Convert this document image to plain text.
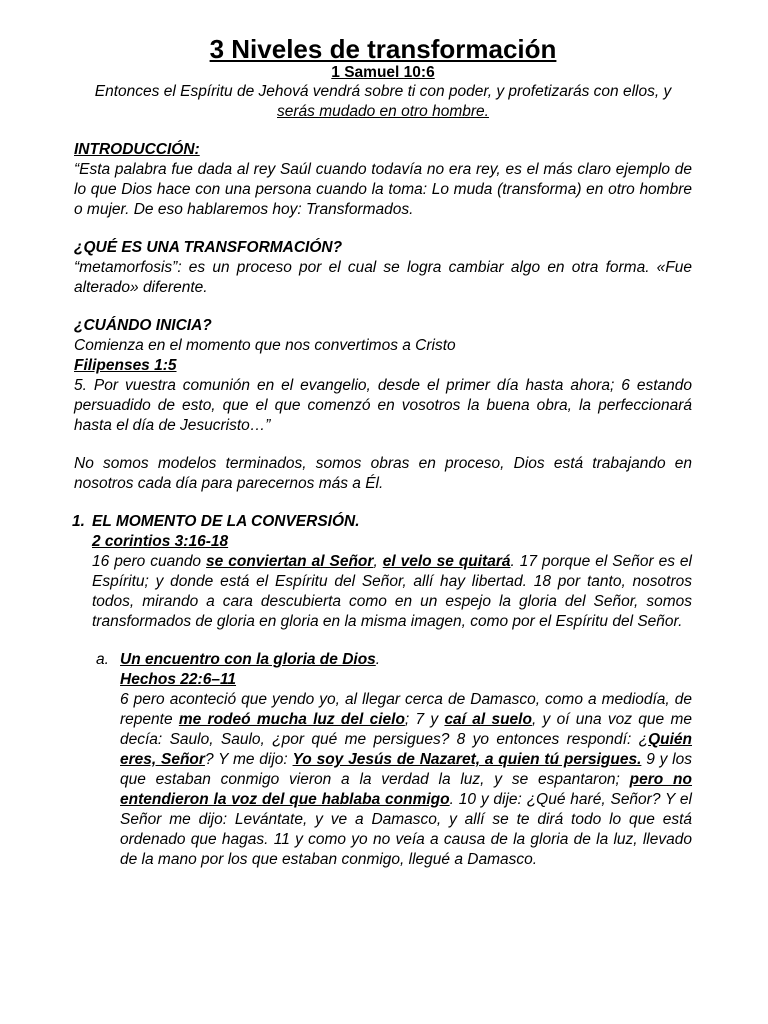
3 Niveles de transformación

1 Samuel 10:6

Entonces el Espíritu de Jehová vendrá sobre ti con poder, y profetizarás con ellos, y serás mudado en otro hombre.

INTRODUCCIÓN:

“Esta palabra fue dada al rey Saúl cuando todavía no era rey, es el más claro ejemplo de lo que Dios hace con una persona cuando la toma: Lo muda (transforma) en otro hombre o mujer. De eso hablaremos hoy: Transformados.

¿QUÉ ES UNA TRANSFORMACIÓN?

“metamorfosis”: es un proceso por el cual se logra cambiar algo en otra forma. «Fue alterado» diferente.

¿CUÁNDO INICIA?

Comienza en el momento que nos convertimos a Cristo

Filipenses 1:5

5. Por vuestra comunión en el evangelio, desde el primer día hasta ahora; 6 estando persuadido de esto, que el que comenzó en vosotros la buena obra, la perfeccionará hasta el día de Jesucristo…”

No somos modelos terminados, somos obras en proceso, Dios está trabajando en nosotros cada día para parecernos más a Él.

1. EL MOMENTO DE LA CONVERSIÓN.

2 corintios 3:16-18

16 pero cuando se conviertan al Señor, el velo se quitará. 17 porque el Señor es el Espíritu; y donde está el Espíritu del Señor, allí hay libertad. 18 por tanto, nosotros todos, mirando a cara descubierta como en un espejo la gloria del Señor, somos transformados de gloria en gloria en la misma imagen, como por el Espíritu del Señor.

a. Un encuentro con la gloria de Dios.

Hechos 22:6–11

6 pero aconteció que yendo yo, al llegar cerca de Damasco, como a mediodía, de repente me rodeó mucha luz del cielo; 7 y caí al suelo, y oí una voz que me decía: Saulo, Saulo, ¿por qué me persigues? 8 yo entonces respondí: ¿Quién eres, Señor? Y me dijo: Yo soy Jesús de Nazaret, a quien tú persigues. 9 y los que estaban conmigo vieron a la verdad la luz, y se espantaron; pero no entendieron la voz del que hablaba conmigo. 10 y dije: ¿Qué haré, Señor? Y el Señor me dijo: Levántate, y ve a Damasco, y allí se te dirá todo lo que está ordenado que hagas. 11 y como yo no veía a causa de la gloria de la luz, llevado de la mano por los que estaban conmigo, llegué a Damasco.
